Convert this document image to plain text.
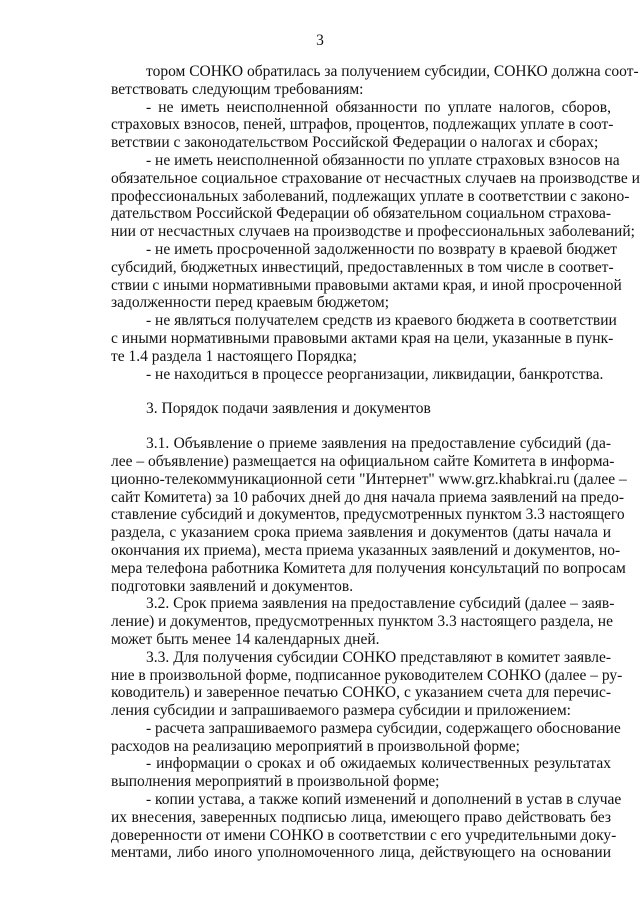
3
тором СОНКО обратилась за получением субсидии, СОНКО должна соот-
ветствовать следующим требованиям:
- не иметь неисполненной обязанности по уплате налогов, сборов,
страховых взносов, пеней, штрафов, процентов, подлежащих уплате в соот-
ветствии с законодательством Российской Федерации о налогах и сборах;
- не иметь неисполненной обязанности по уплате страховых взносов на
обязательное социальное страхование от несчастных случаев на производстве и
профессиональных заболеваний, подлежащих уплате в соответствии с законо-
дательством Российской Федерации об обязательном социальном страхова-
нии от несчастных случаев на производстве и профессиональных заболеваний;
- не иметь просроченной задолженности по возврату в краевой бюджет
субсидий, бюджетных инвестиций, предоставленных в том числе в соответ-
ствии с иными нормативными правовыми актами края, и иной просроченной
задолженности перед краевым бюджетом;
- не являться получателем средств из краевого бюджета в соответствии
с иными нормативными правовыми актами края на цели, указанные в пунк-
те 1.4 раздела 1 настоящего Порядка;
- не находиться в процессе реорганизации, ликвидации, банкротства.
3. Порядок подачи заявления и документов
3.1. Объявление о приеме заявления на предоставление субсидий (да-
лее – объявление) размещается на официальном сайте Комитета в информа-
ционно-телекоммуникационной сети "Интернет" www.grz.khabkrai.ru (далее –
сайт Комитета) за 10 рабочих дней до дня начала приема заявлений на предо-
ставление субсидий и документов, предусмотренных пунктом 3.3 настоящего
раздела, с указанием срока приема заявления и документов (даты начала и
окончания их приема), места приема указанных заявлений и документов, но-
мера телефона работника Комитета для получения консультаций по вопросам
подготовки заявлений и документов.
3.2. Срок приема заявления на предоставление субсидий (далее – заяв-
ление) и документов, предусмотренных пунктом 3.3 настоящего раздела, не
может быть менее 14 календарных дней.
3.3. Для получения субсидии СОНКО представляют в комитет заявле-
ние в произвольной форме, подписанное руководителем СОНКО (далее – ру-
ководитель) и заверенное печатью СОНКО, с указанием счета для перечис-
ления субсидии и запрашиваемого размера субсидии и приложением:
- расчета запрашиваемого размера субсидии, содержащего обоснование
расходов на реализацию мероприятий в произвольной форме;
- информации о сроках и об ожидаемых количественных результатах
выполнения мероприятий в произвольной форме;
- копии устава, а также копий изменений и дополнений в устав в случае
их внесения, заверенных подписью лица, имеющего право действовать без
доверенности от имени СОНКО в соответствии с его учредительными доку-
ментами, либо иного уполномоченного лица, действующего на основании
